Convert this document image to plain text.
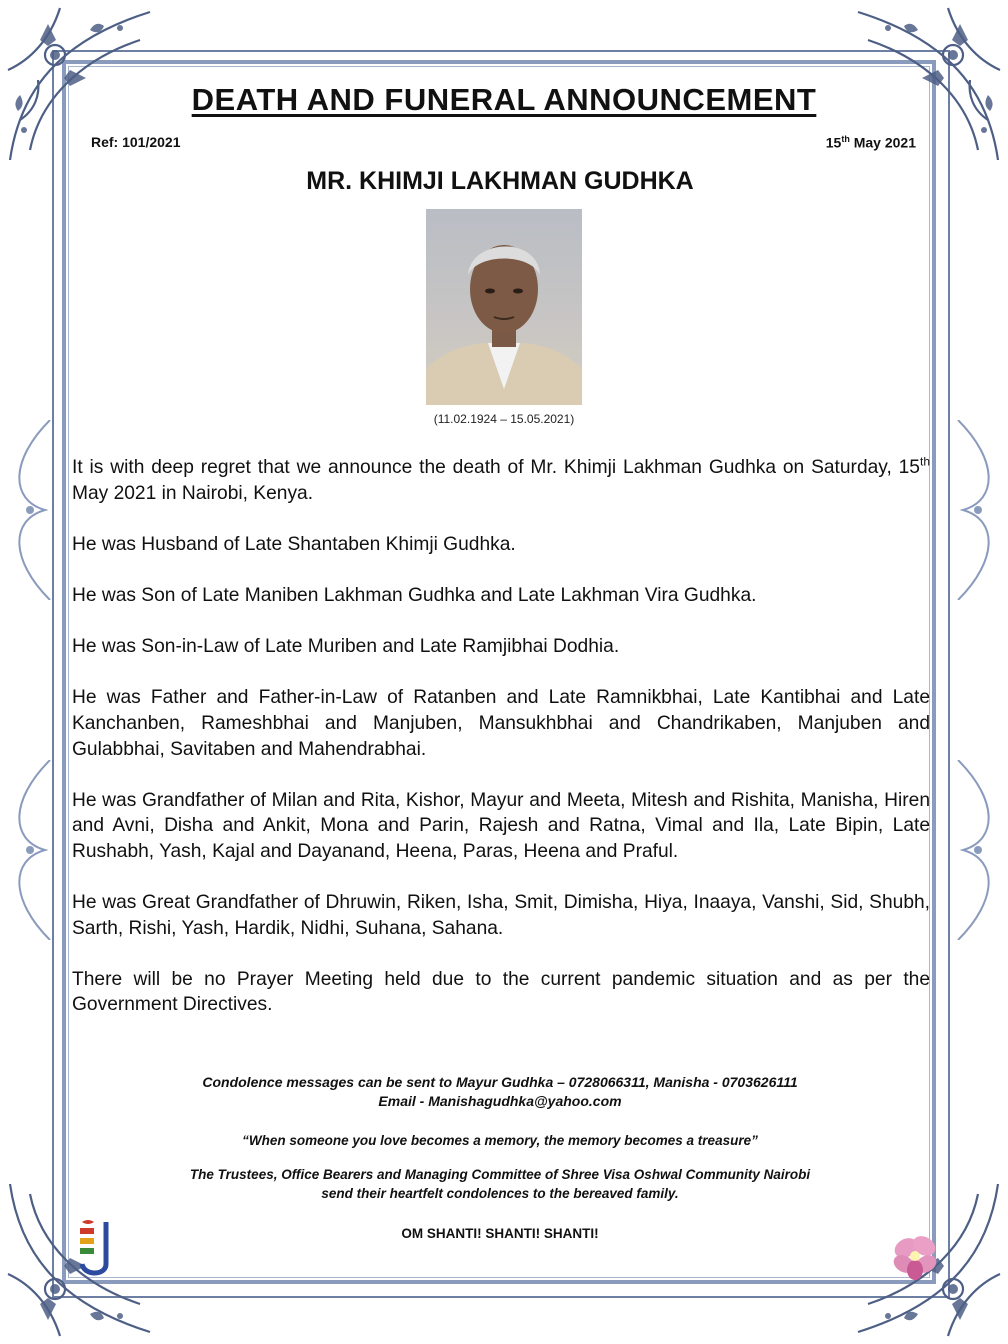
DEATH AND FUNERAL ANNOUNCEMENT
Ref: 101/2021	15th May 2021
MR. KHIMJI LAKHMAN GUDHKA
(11.02.1924 – 15.05.2021)

It is with deep regret that we announce the death of Mr. Khimji Lakhman Gudhka on Saturday, 15th May 2021 in Nairobi, Kenya.

He was Husband of Late Shantaben Khimji Gudhka.

He was Son of Late Maniben Lakhman Gudhka and Late Lakhman Vira Gudhka.

He was Son-in-Law of Late Muriben and Late Ramjibhai Dodhia.

He was Father and Father-in-Law of Ratanben and Late Ramnikbhai, Late Kantibhai and Late Kanchanben, Rameshbhai and Manjuben, Mansukhbhai and Chandrikaben, Manjuben and Gulabbhai, Savitaben and Mahendrabhai.

He was Grandfather of Milan and Rita, Kishor, Mayur and Meeta, Mitesh and Rishita, Manisha, Hiren and Avni, Disha and Ankit, Mona and Parin, Rajesh and Ratna, Vimal and Ila, Late Bipin, Late Rushabh, Yash, Kajal and Dayanand, Heena, Paras, Heena and Praful.

He was Great Grandfather of Dhruwin, Riken, Isha, Smit, Dimisha, Hiya, Inaaya, Vanshi, Sid, Shubh, Sarth, Rishi, Yash, Hardik, Nidhi, Suhana, Sahana.

There will be no Prayer Meeting held due to the current pandemic situation and as per the Government Directives.

Condolence messages can be sent to Mayur Gudhka – 0728066311, Manisha - 0703626111
Email - Manishagudhka@yahoo.com
“When someone you love becomes a memory, the memory becomes a treasure”
The Trustees, Office Bearers and Managing Committee of Shree Visa Oshwal Community Nairobi
send their heartfelt condolences to the bereaved family.
OM SHANTI! SHANTI! SHANTI!
